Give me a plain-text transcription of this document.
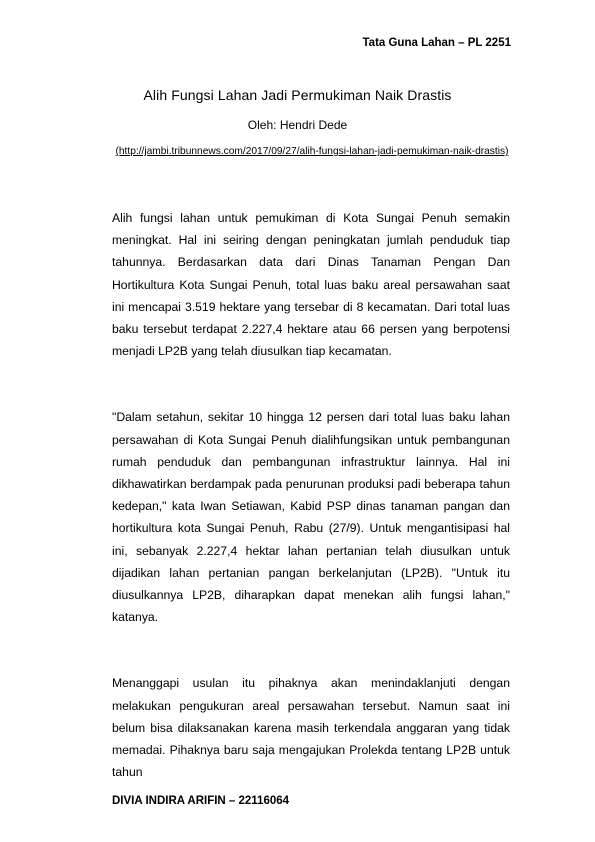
Tata Guna Lahan – PL 2251
Alih Fungsi Lahan Jadi Permukiman Naik Drastis
Oleh: Hendri Dede
(http://jambi.tribunnews.com/2017/09/27/alih-fungsi-lahan-jadi-pemukiman-naik-drastis)

Alih fungsi lahan untuk pemukiman di Kota Sungai Penuh semakin meningkat. Hal ini seiring dengan peningkatan jumlah penduduk tiap tahunnya. Berdasarkan data dari Dinas Tanaman Pengan Dan Hortikultura Kota Sungai Penuh, total luas baku areal persawahan saat ini mencapai 3.519 hektare yang tersebar di 8 kecamatan. Dari total luas baku tersebut terdapat 2.227,4 hektare atau 66 persen yang berpotensi menjadi LP2B yang telah diusulkan tiap kecamatan.

"Dalam setahun, sekitar 10 hingga 12 persen dari total luas baku lahan persawahan di Kota Sungai Penuh dialihfungsikan untuk pembangunan rumah penduduk dan pembangunan infrastruktur lainnya. Hal ini dikhawatirkan berdampak pada penurunan produksi padi beberapa tahun kedepan," kata Iwan Setiawan, Kabid PSP dinas tanaman pangan dan hortikultura kota Sungai Penuh, Rabu (27/9). Untuk mengantisipasi hal ini, sebanyak 2.227,4 hektar lahan pertanian telah diusulkan untuk dijadikan lahan pertanian pangan berkelanjutan (LP2B). "Untuk itu diusulkannya LP2B, diharapkan dapat menekan alih fungsi lahan," katanya.

Menanggapi usulan itu pihaknya akan menindaklanjuti dengan melakukan pengukuran areal persawahan tersebut. Namun saat ini belum bisa dilaksanakan karena masih terkendala anggaran yang tidak memadai. Pihaknya baru saja mengajukan Prolekda tentang LP2B untuk tahun

DIVIA INDIRA ARIFIN – 22116064
